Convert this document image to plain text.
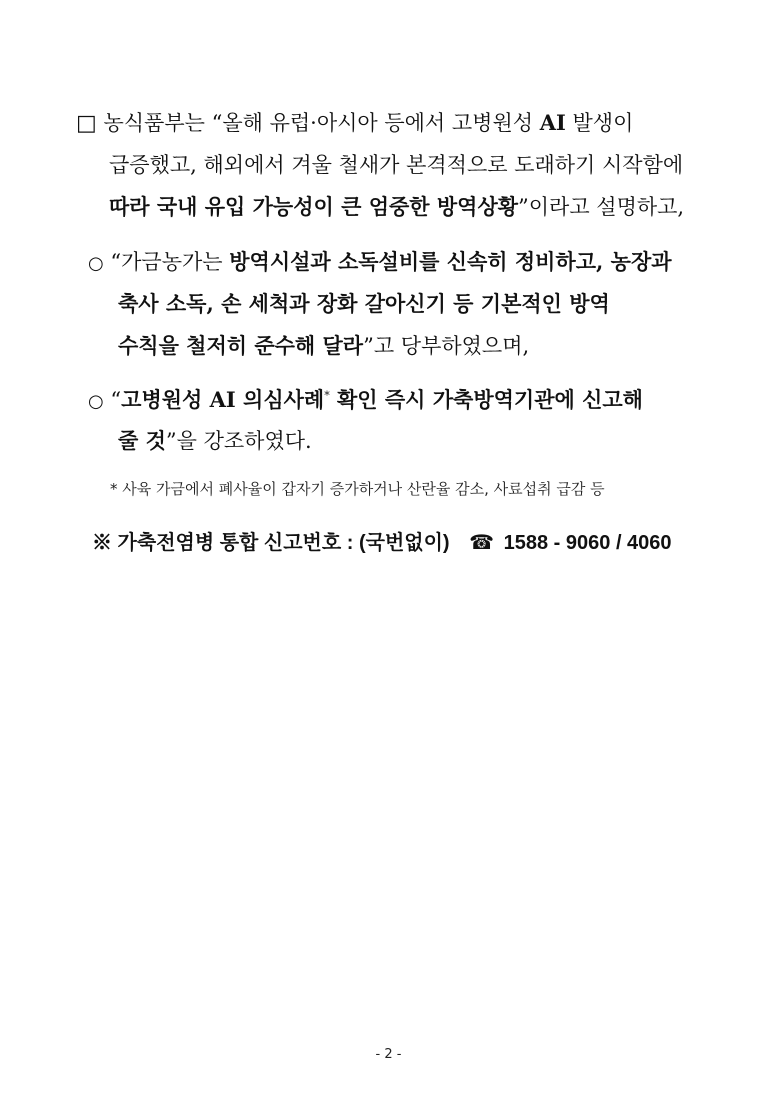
□ 농식품부는 “올해 유럽·아시아 등에서 고병원성 AI 발생이
급증했고, 해외에서 겨울 철새가 본격적으로 도래하기 시작함에
따라 국내 유입 가능성이 큰 엄중한 방역상황”이라고 설명하고,
○ “가금농가는 방역시설과 소독설비를 신속히 정비하고, 농장과
축사 소독, 손 세척과 장화 갈아신기 등 기본적인 방역
수칙을 철저히 준수해 달라”고 당부하였으며,
○ “고병원성 AI 의심사례* 확인 즉시 가축방역기관에 신고해
줄 것”을 강조하였다.
* 사육 가금에서 폐사율이 갑자기 증가하거나 산란율 감소, 사료섭취 급감 등
※ 가축전염병 통합 신고번호 : (국번없이) ☎ 1588 - 9060 / 4060
- 2 -
